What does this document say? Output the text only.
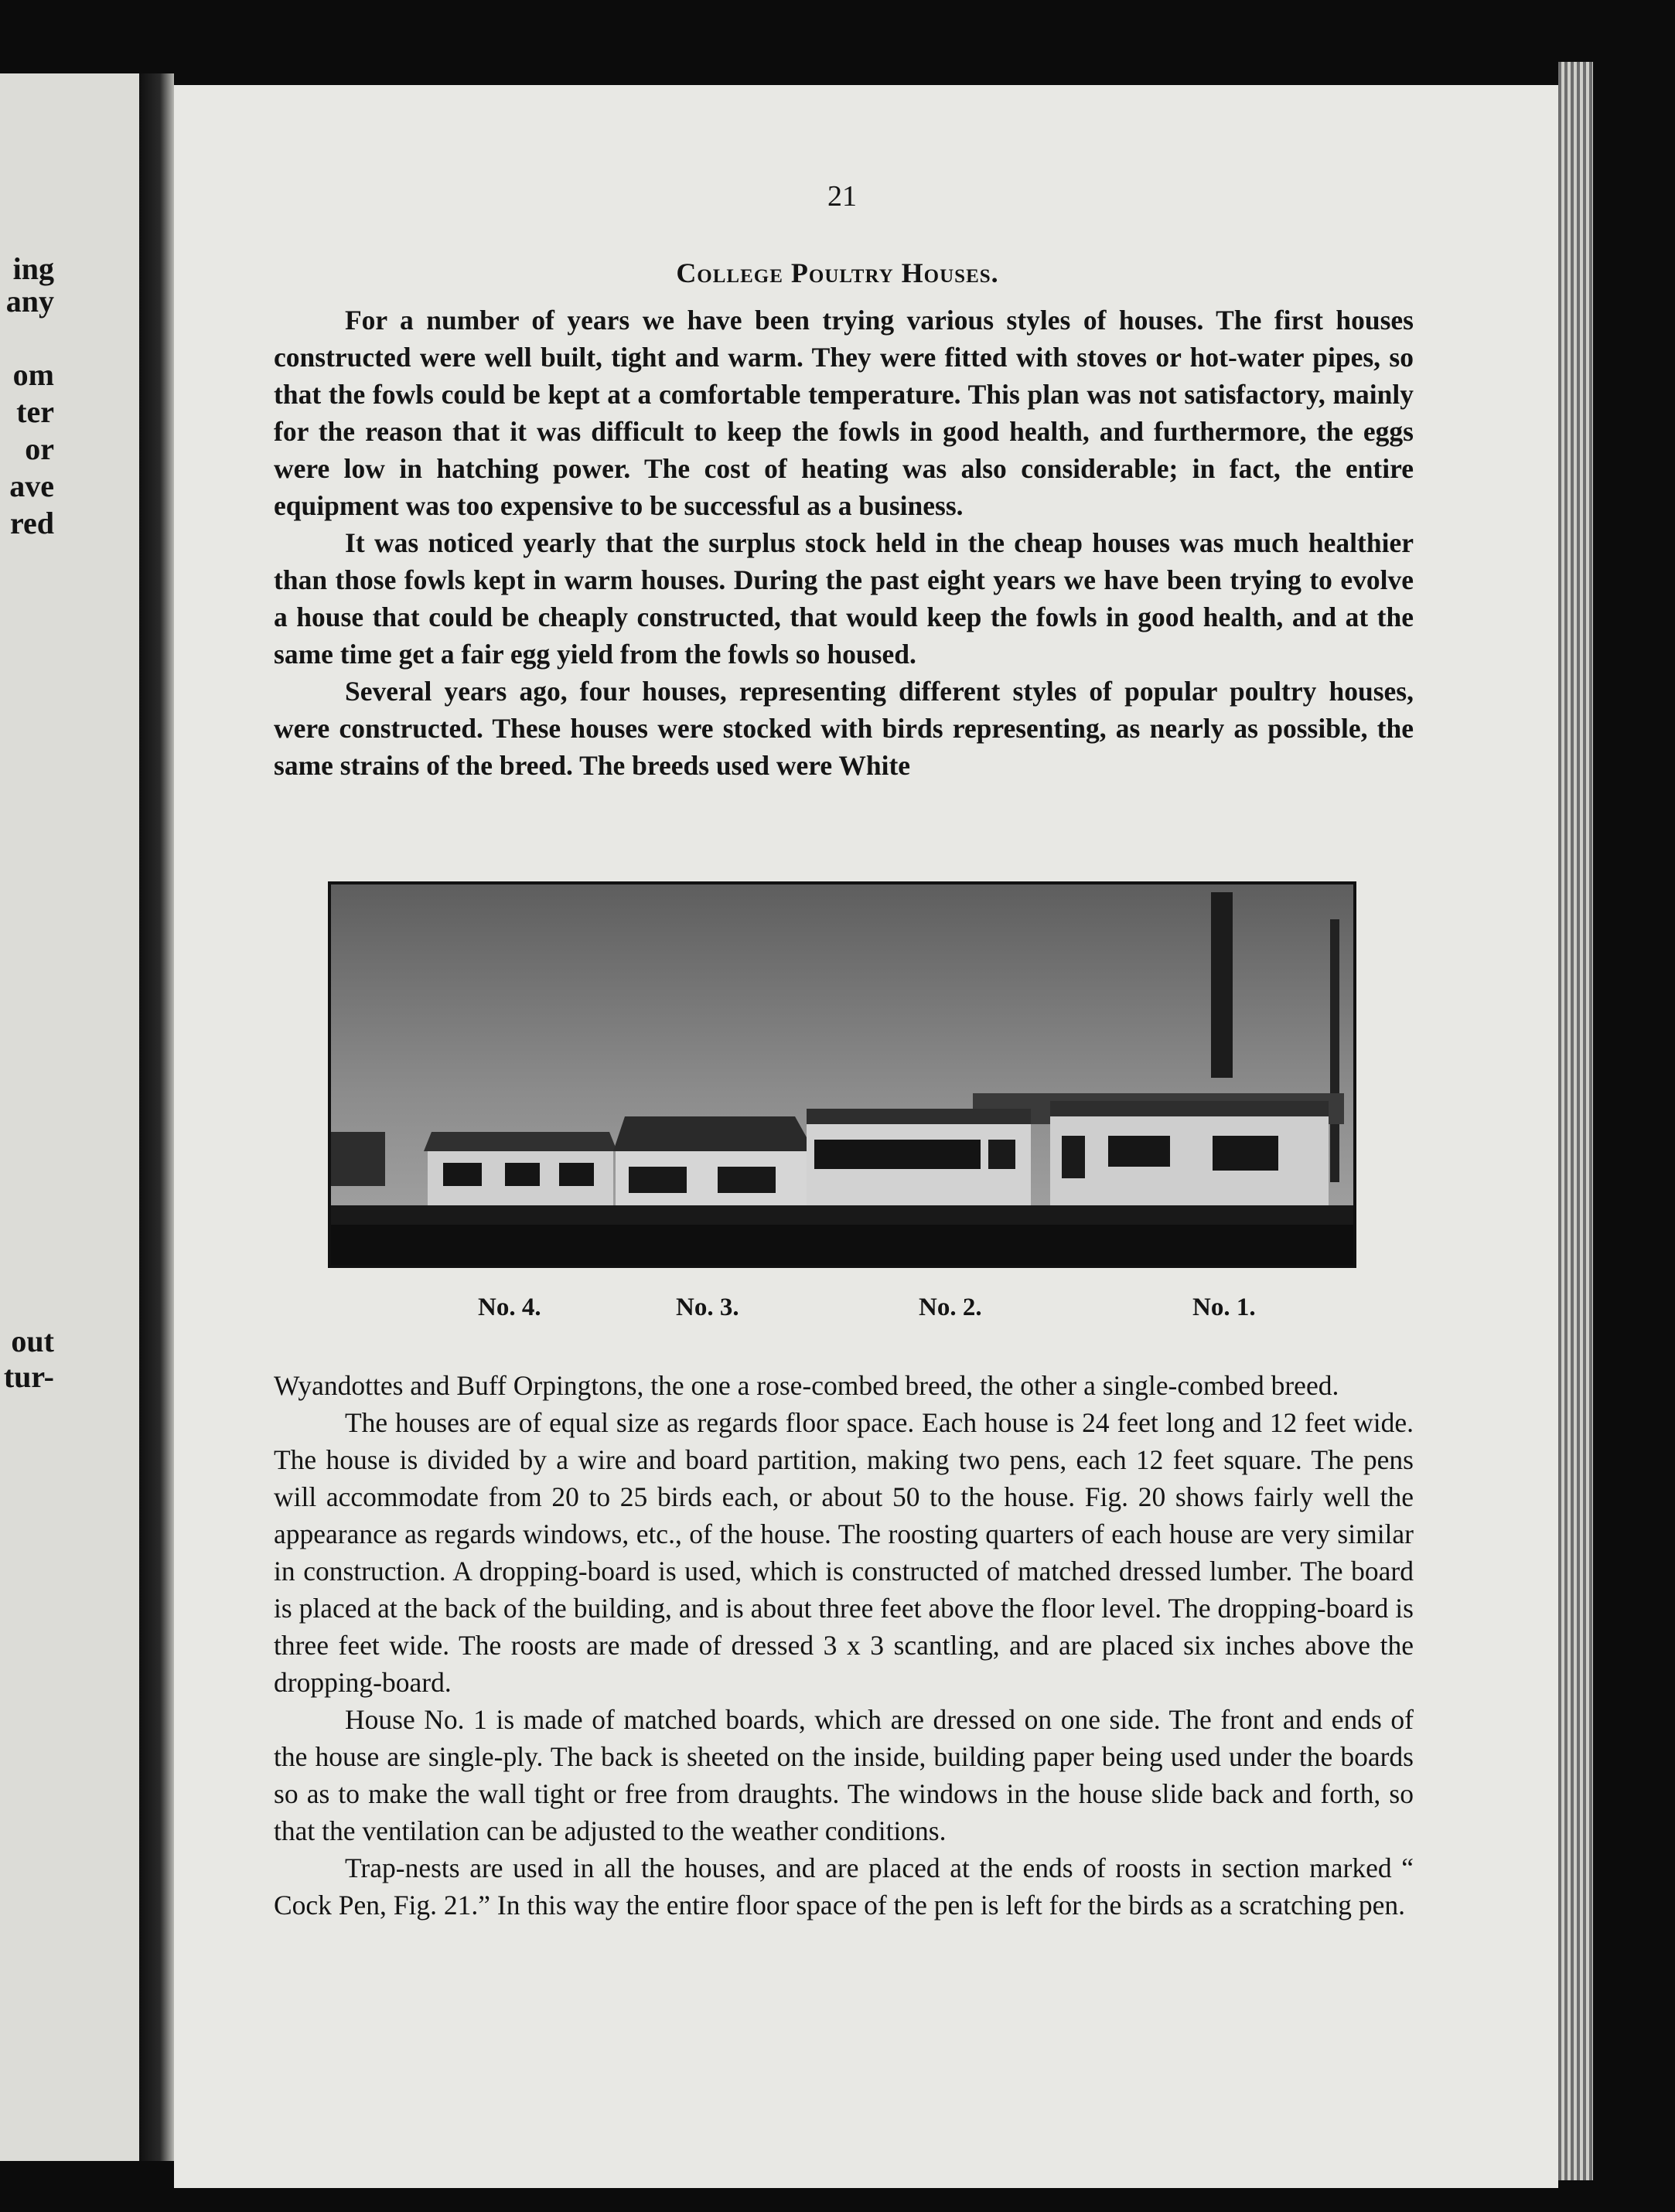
ing
any
om
ter
or
ave
red
out
tur-
21
College Poultry Houses.

For a number of years we have been trying various styles of houses. The first houses constructed were well built, tight and warm. They were fitted with stoves or hot-water pipes, so that the fowls could be kept at a comfortable temperature. This plan was not satisfactory, mainly for the reason that it was difficult to keep the fowls in good health, and furthermore, the eggs were low in hatching power. The cost of heating was also considerable; in fact, the entire equipment was too expensive to be successful as a business.

It was noticed yearly that the surplus stock held in the cheap houses was much healthier than those fowls kept in warm houses. During the past eight years we have been trying to evolve a house that could be cheaply constructed, that would keep the fowls in good health, and at the same time get a fair egg yield from the fowls so housed.

Several years ago, four houses, representing different styles of popular poultry houses, were constructed. These houses were stocked with birds representing, as nearly as possible, the same strains of the breed. The breeds used were White

No. 4.	No. 3.	No. 2.	No. 1.

Wyandottes and Buff Orpingtons, the one a rose-combed breed, the other a single-combed breed.

The houses are of equal size as regards floor space. Each house is 24 feet long and 12 feet wide. The house is divided by a wire and board partition, making two pens, each 12 feet square. The pens will accommodate from 20 to 25 birds each, or about 50 to the house. Fig. 20 shows fairly well the appearance as regards windows, etc., of the house. The roosting quarters of each house are very similar in construction. A dropping-board is used, which is constructed of matched dressed lumber. The board is placed at the back of the building, and is about three feet above the floor level. The dropping-board is three feet wide. The roosts are made of dressed 3 x 3 scantling, and are placed six inches above the dropping-board.

House No. 1 is made of matched boards, which are dressed on one side. The front and ends of the house are single-ply. The back is sheeted on the inside, building paper being used under the boards so as to make the wall tight or free from draughts. The windows in the house slide back and forth, so that the ventilation can be adjusted to the weather conditions.

Trap-nests are used in all the houses, and are placed at the ends of roosts in section marked “ Cock Pen, Fig. 21.” In this way the entire floor space of the pen is left for the birds as a scratching pen.
